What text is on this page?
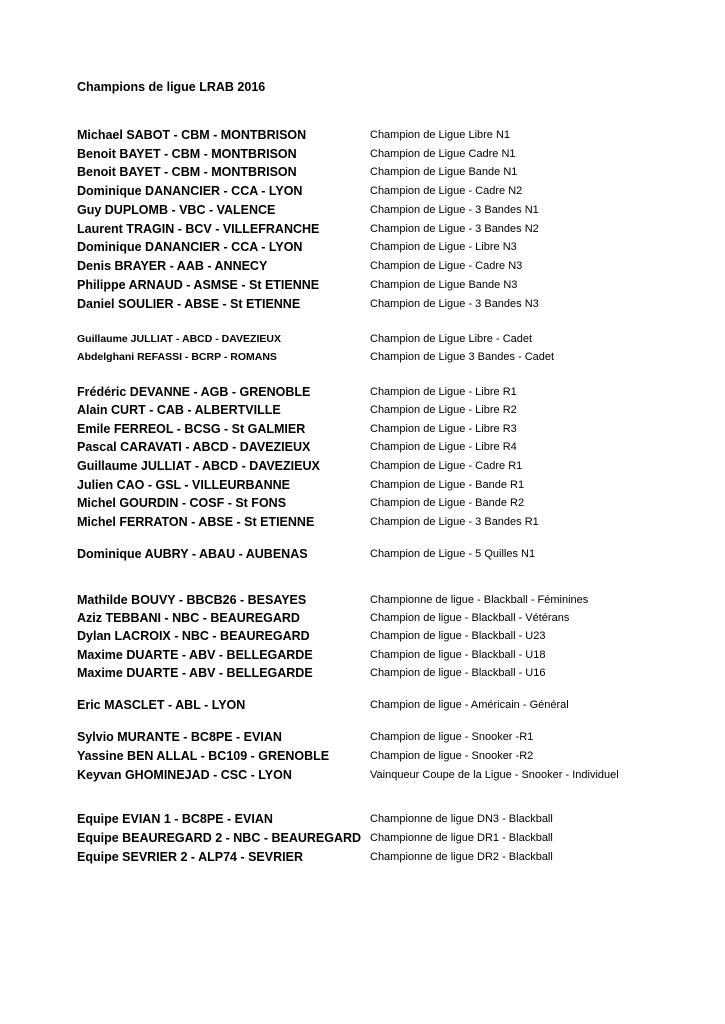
Champions de ligue LRAB 2016
Michael SABOT - CBM - MONTBRISON	Champion de Ligue Libre N1
Benoit BAYET - CBM - MONTBRISON	Champion de Ligue Cadre N1
Benoit BAYET - CBM - MONTBRISON	Champion de Ligue Bande N1
Dominique DANANCIER - CCA - LYON	Champion de Ligue - Cadre N2
Guy DUPLOMB - VBC - VALENCE	Champion de Ligue - 3 Bandes N1
Laurent TRAGIN - BCV - VILLEFRANCHE	Champion de Ligue - 3 Bandes N2
Dominique DANANCIER - CCA - LYON	Champion de Ligue - Libre N3
Denis BRAYER - AAB - ANNECY	Champion de Ligue - Cadre N3
Philippe ARNAUD - ASMSE - St ETIENNE	Champion de Ligue Bande N3
Daniel SOULIER - ABSE - St ETIENNE	Champion de Ligue - 3 Bandes N3
Guillaume JULLIAT - ABCD - DAVEZIEUX	Champion de Ligue Libre - Cadet
Abdelghani REFASSI - BCRP - ROMANS	Champion de Ligue 3 Bandes - Cadet
Frédéric DEVANNE - AGB - GRENOBLE	Champion de Ligue - Libre R1
Alain CURT - CAB - ALBERTVILLE	Champion de Ligue - Libre R2
Emile FERREOL - BCSG - St GALMIER	Champion de Ligue - Libre R3
Pascal CARAVATI - ABCD - DAVEZIEUX	Champion de Ligue - Libre R4
Guillaume JULLIAT - ABCD - DAVEZIEUX	Champion de Ligue - Cadre R1
Julien CAO - GSL - VILLEURBANNE	Champion de Ligue - Bande R1
Michel GOURDIN - COSF - St FONS	Champion de Ligue - Bande R2
Michel FERRATON - ABSE - St ETIENNE	Champion de Ligue - 3 Bandes R1
Dominique AUBRY - ABAU - AUBENAS	Champion de Ligue - 5 Quilles N1
Mathilde BOUVY - BBCB26 - BESAYES	Championne de ligue - Blackball - Féminines
Aziz TEBBANI - NBC - BEAUREGARD	Champion de ligue - Blackball - Vétérans
Dylan LACROIX - NBC - BEAUREGARD	Champion de ligue - Blackball - U23
Maxime DUARTE - ABV - BELLEGARDE	Champion de ligue - Blackball - U18
Maxime DUARTE - ABV - BELLEGARDE	Champion de ligue - Blackball - U16
Eric MASCLET - ABL - LYON	Champion de ligue - Américain - Général
Sylvio MURANTE - BC8PE - EVIAN	Champion de ligue - Snooker -R1
Yassine BEN ALLAL - BC109 - GRENOBLE	Champion de ligue - Snooker -R2
Keyvan GHOMINEJAD - CSC - LYON	Vainqueur Coupe de la Ligue - Snooker - Individuel
Equipe EVIAN 1 - BC8PE - EVIAN	Championne de ligue DN3 - Blackball
Equipe BEAUREGARD 2 - NBC - BEAUREGARD Championne de ligue DR1 - Blackball
Equipe SEVRIER 2 - ALP74 - SEVRIER	Championne de ligue DR2 - Blackball
